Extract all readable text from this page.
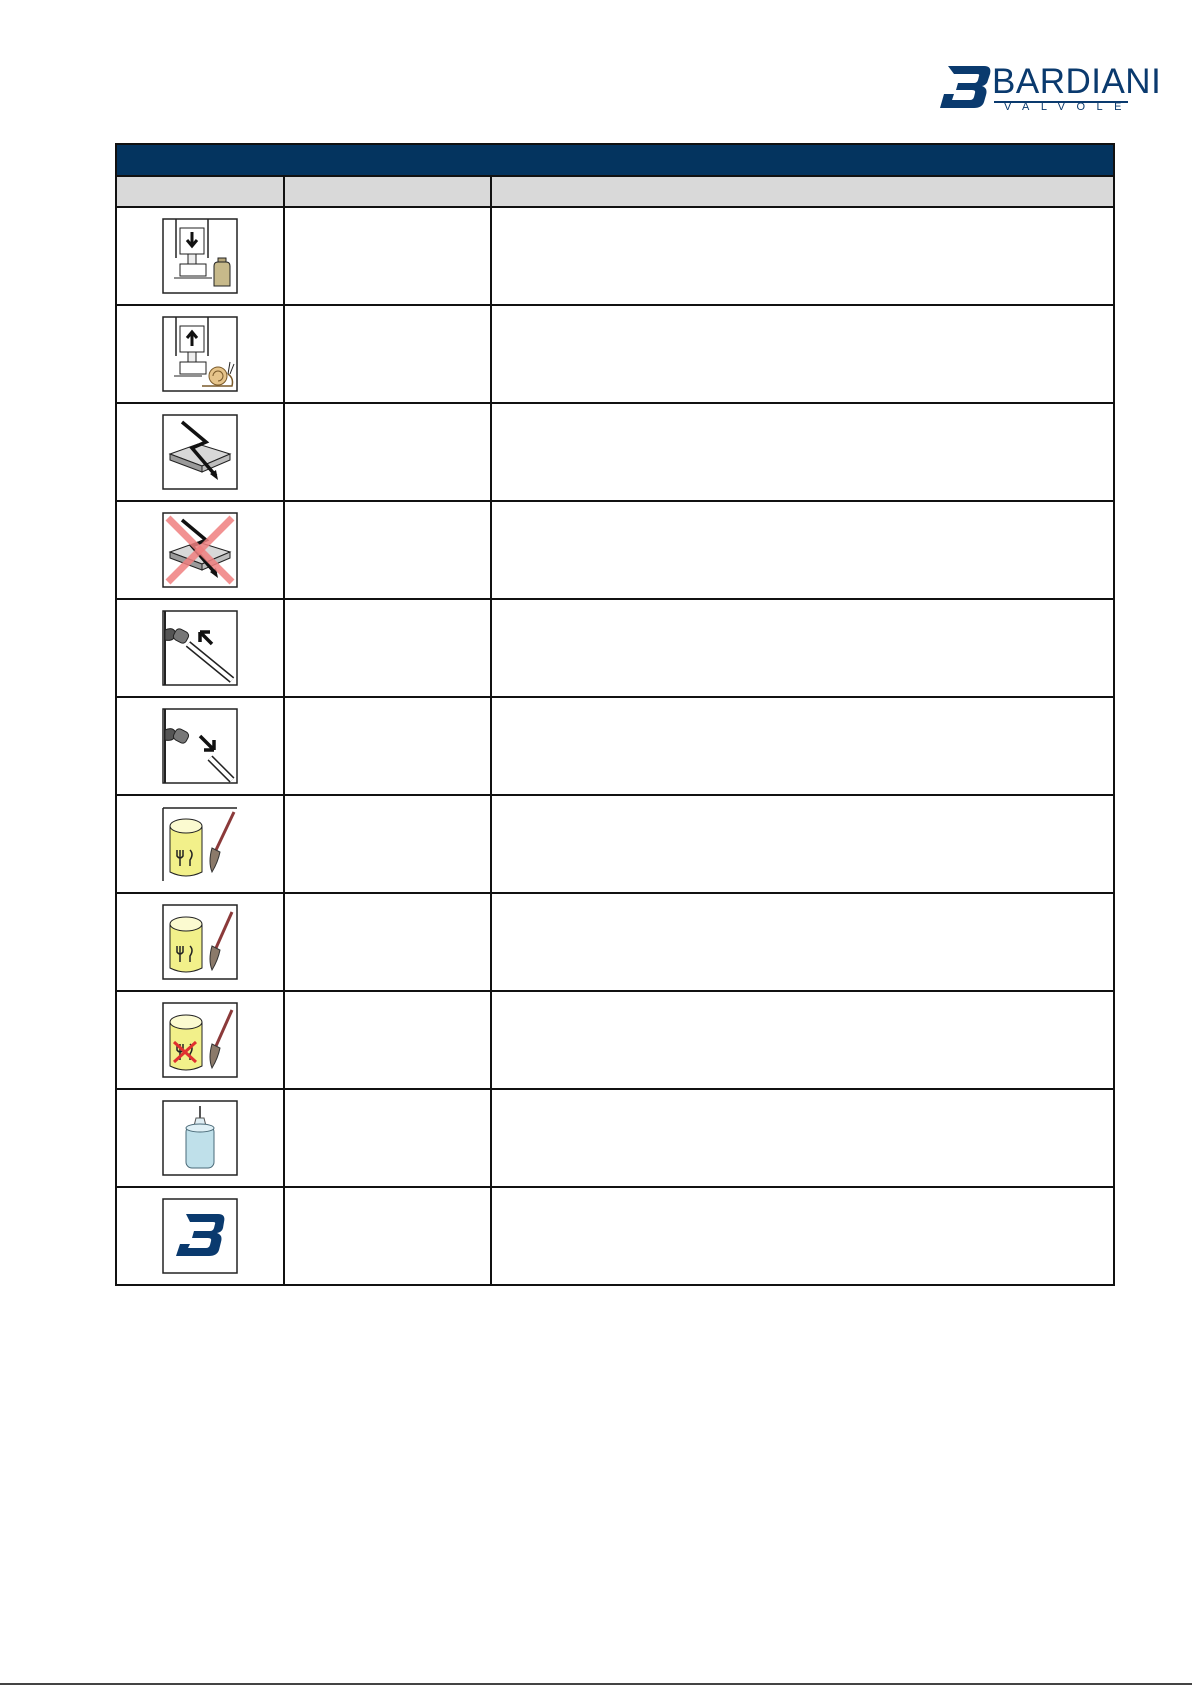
BARDIANI
VALVOLE
